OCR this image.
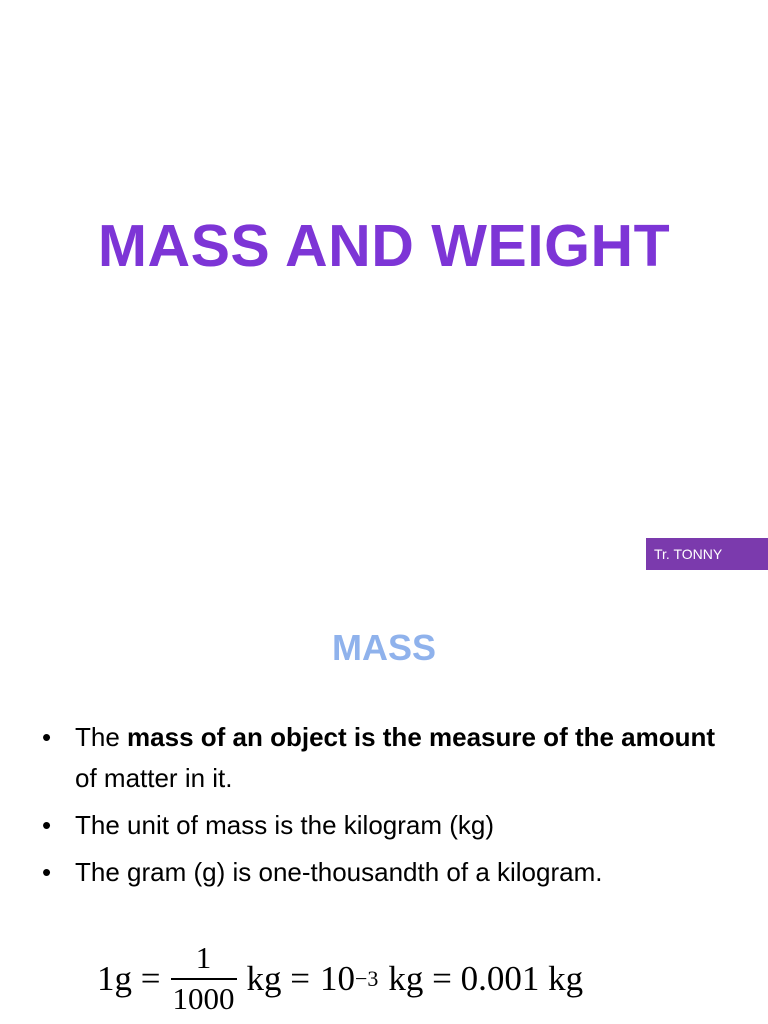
MASS AND WEIGHT
Tr. TONNY
MASS
• The mass of an object is the measure of the amount of matter in it.
• The unit of mass is the kilogram (kg)
• The gram (g) is one-thousandth of a kilogram.
$1g = \frac{1}{1000}$ kg = 10 −3 kg = 0.001 kg
